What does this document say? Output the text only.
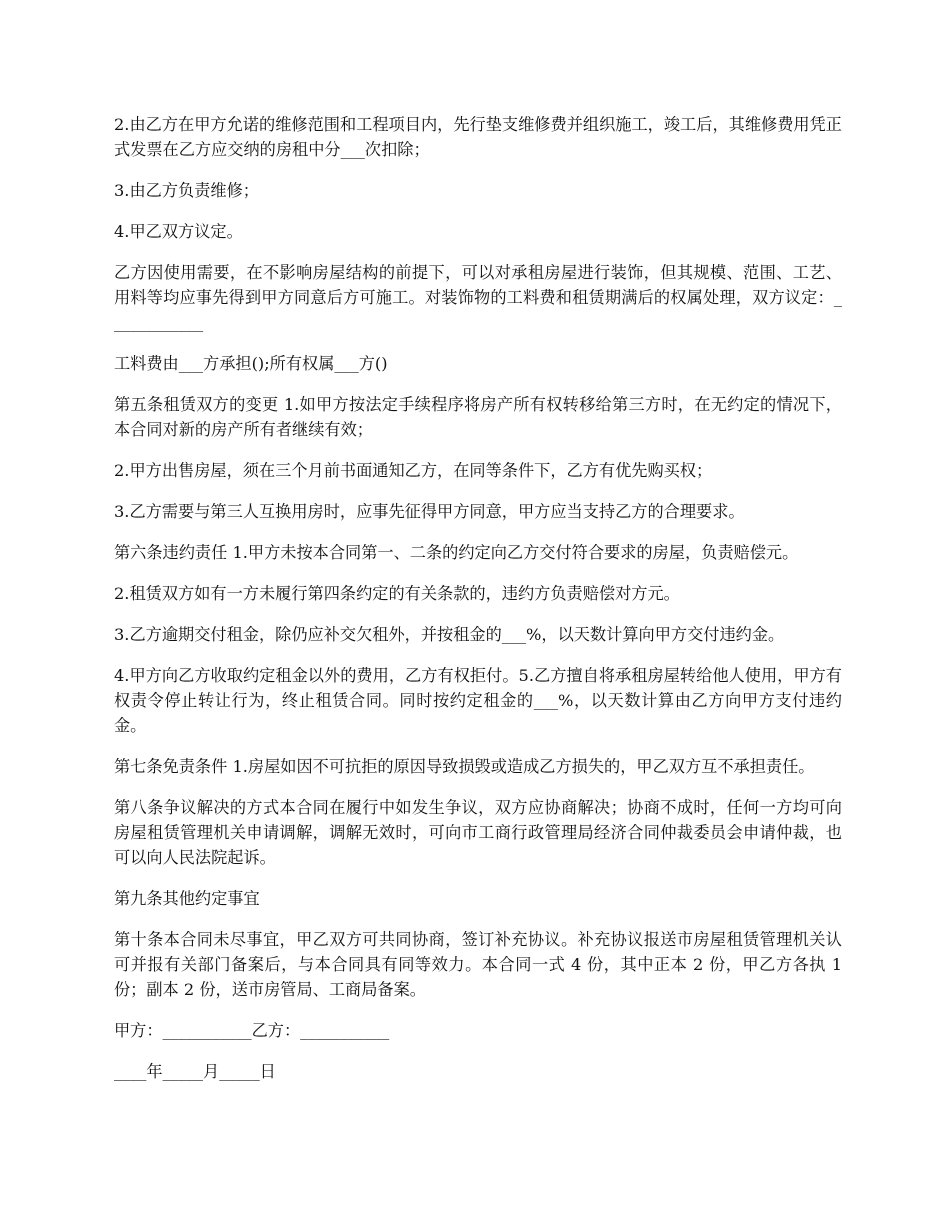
2.由乙方在甲方允诺的维修范围和工程项目内，先行垫支维修费并组织施工，竣工后，其维修费用凭正式发票在乙方应交纳的房租中分___次扣除；

3.由乙方负责维修；

4.甲乙双方议定。

乙方因使用需要，在不影响房屋结构的前提下，可以对承租房屋进行装饰，但其规模、范围、工艺、用料等均应事先得到甲方同意后方可施工。对装饰物的工料费和租赁期满后的权属处理，双方议定：____________

工料费由___方承担();所有权属___方()

第五条租赁双方的变更 1.如甲方按法定手续程序将房产所有权转移给第三方时，在无约定的情况下，本合同对新的房产所有者继续有效；

2.甲方出售房屋，须在三个月前书面通知乙方，在同等条件下，乙方有优先购买权；

3.乙方需要与第三人互换用房时，应事先征得甲方同意，甲方应当支持乙方的合理要求。

第六条违约责任 1.甲方未按本合同第一、二条的约定向乙方交付符合要求的房屋，负责赔偿元。

2.租赁双方如有一方未履行第四条约定的有关条款的，违约方负责赔偿对方元。

3.乙方逾期交付租金，除仍应补交欠租外，并按租金的___%，以天数计算向甲方交付违约金。

4.甲方向乙方收取约定租金以外的费用，乙方有权拒付。5.乙方擅自将承租房屋转给他人使用，甲方有权责令停止转让行为，终止租赁合同。同时按约定租金的___%，以天数计算由乙方向甲方支付违约金。

第七条免责条件 1.房屋如因不可抗拒的原因导致损毁或造成乙方损失的，甲乙双方互不承担责任。

第八条争议解决的方式本合同在履行中如发生争议，双方应协商解决；协商不成时，任何一方均可向房屋租赁管理机关申请调解，调解无效时，可向市工商行政管理局经济合同仲裁委员会申请仲裁，也可以向人民法院起诉。

第九条其他约定事宜

第十条本合同未尽事宜，甲乙双方可共同协商，签订补充协议。补充协议报送市房屋租赁管理机关认可并报有关部门备案后，与本合同具有同等效力。本合同一式 4 份，其中正本 2 份，甲乙方各执 1 份；副本 2 份，送市房管局、工商局备案。

甲方：___________乙方：___________

____年_____月_____日
